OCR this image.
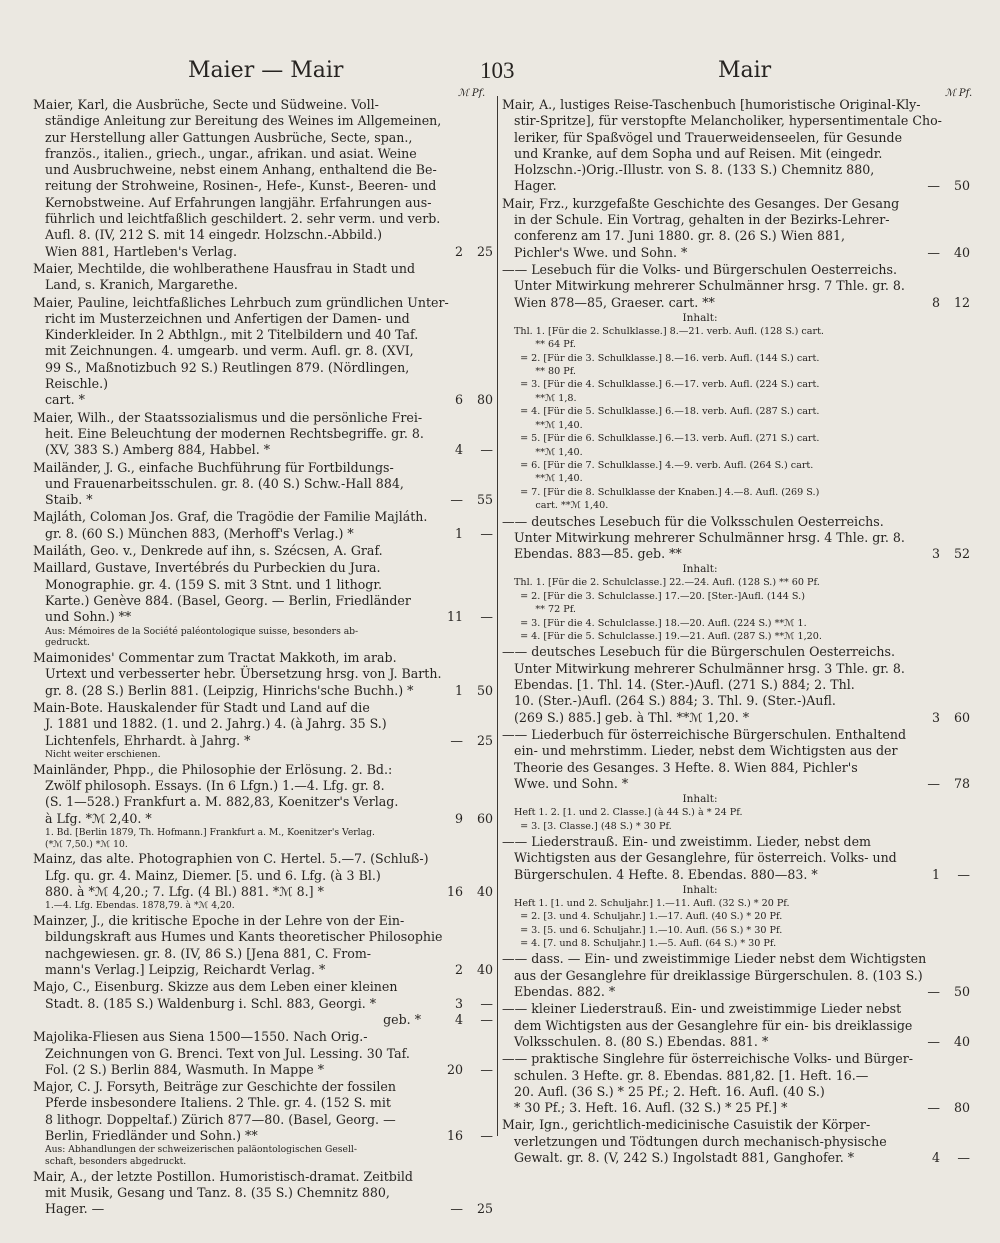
Maier — Mair	103	Mair
ℳ Pf.	ℳ Pf.
Maier, Karl, die Ausbrüche, Secte und Südweine. Voll-
ständige Anleitung zur Bereitung des Weines im Allgemeinen,
zur Herstellung aller Gattungen Ausbrüche, Secte, span.,
französ., italien., griech., ungar., afrikan. und asiat. Weine
und Ausbruchweine, nebst einem Anhang, enthaltend die Be-
reitung der Strohweine, Rosinen-, Hefe-, Kunst-, Beeren- und
Kernobstweine. Auf Erfahrungen langjähr. Erfahrungen aus-
führlich und leichtfaßlich geschildert. 2. sehr verm. und verb.
Aufl. 8. (IV, 212 S. mit 14 eingedr. Holzschn.-Abbild.)
Wien 881, Hartleben's Verlag.	2 25
Maier, Mechtilde, die wohlberathene Hausfrau in Stadt und
Land, s. Kranich, Margarethe.
Maier, Pauline, leichtfaßliches Lehrbuch zum gründlichen Unter-
richt im Musterzeichnen und Anfertigen der Damen- und
Kinderkleider. In 2 Abthlgn., mit 2 Titelbildern und 40 Taf.
mit Zeichnungen. 4. umgearb. und verm. Aufl. gr. 8. (XVI,
99 S., Maßnotizbuch 92 S.) Reutlingen 879. (Nördlingen,
Reischle.)
cart. *	6 80
Maier, Wilh., der Staatssozialismus und die persönliche Frei-
heit. Eine Beleuchtung der modernen Rechtsbegriffe. gr. 8.
(XV, 383 S.) Amberg 884, Habbel. *	4 —
Mailänder, J. G., einfache Buchführung für Fortbildungs-
und Frauenarbeitsschulen. gr. 8. (40 S.) Schw.-Hall 884,
Staib. *	— 55
Majláth, Coloman Jos. Graf, die Tragödie der Familie Majláth.
gr. 8. (60 S.) München 883, (Merhoff's Verlag.) *	1 —
Mailáth, Geo. v., Denkrede auf ihn, s. Szécsen, A. Graf.
Maillard, Gustave, Invertébrés du Purbeckien du Jura.
Monographie. gr. 4. (159 S. mit 3 Stnt. und 1 lithogr.
Karte.) Genève 884. (Basel, Georg. — Berlin, Friedländer
und Sohn.) **	11 —
Aus: Mémoires de la Société paléontologique suisse, besonders ab-
gedruckt.
Maimonides' Commentar zum Tractat Makkoth, im arab.
Urtext und verbesserter hebr. Übersetzung hrsg. von J. Barth.
gr. 8. (28 S.) Berlin 881. (Leipzig, Hinrichs'sche Buchh.) *	1 50
Main-Bote. Hauskalender für Stadt und Land auf die
J. 1881 und 1882. (1. und 2. Jahrg.) 4. (à Jahrg. 35 S.)
Lichtenfels, Ehrhardt. à Jahrg. *	— 25
Nicht weiter erschienen.
Mainländer, Phpp., die Philosophie der Erlösung. 2. Bd.:
Zwölf philosoph. Essays. (In 6 Lfgn.) 1.—4. Lfg. gr. 8.
(S. 1—528.) Frankfurt a. M. 882,83, Koenitzer's Verlag.
à Lfg. *ℳ 2,40. *	9 60
1. Bd. [Berlin 1879, Th. Hofmann.] Frankfurt a. M., Koenitzer's Verlag.
(*ℳ 7,50.) *ℳ 10.
Mainz, das alte. Photographien von C. Hertel. 5.—7. (Schluß-)
Lfg. qu. gr. 4. Mainz, Diemer. [5. und 6. Lfg. (à 3 Bl.)
880. à *ℳ 4,20.; 7. Lfg. (4 Bl.) 881. *ℳ 8.] *	16 40
1.—4. Lfg. Ebendas. 1878,79. à *ℳ 4,20.
Mainzer, J., die kritische Epoche in der Lehre von der Ein-
bildungskraft aus Humes und Kants theoretischer Philosophie
nachgewiesen. gr. 8. (IV, 86 S.) [Jena 881, C. From-
mann's Verlag.] Leipzig, Reichardt Verlag. *	2 40
Majo, C., Eisenburg. Skizze aus dem Leben einer kleinen
Stadt. 8. (185 S.) Waldenburg i. Schl. 883, Georgi. *	3 —
geb. *	4 —
Majolika-Fliesen aus Siena 1500—1550. Nach Orig.-
Zeichnungen von G. Brenci. Text von Jul. Lessing. 30 Taf.
Fol. (2 S.) Berlin 884, Wasmuth. In Mappe *	20 —
Major, C. J. Forsyth, Beiträge zur Geschichte der fossilen
Pferde insbesondere Italiens. 2 Thle. gr. 4. (152 S. mit
8 lithogr. Doppeltaf.) Zürich 877—80. (Basel, Georg. —
Berlin, Friedländer und Sohn.) **	16 —
Aus: Abhandlungen der schweizerischen paläontologischen Gesell-
schaft, besonders abgedruckt.
Mair, A., der letzte Postillon. Humoristisch-dramat. Zeitbild
mit Musik, Gesang und Tanz. 8. (35 S.) Chemnitz 880,
Hager. —	— 25
Mair, A., lustiges Reise-Taschenbuch [humoristische Original-Kly-
stir-Spritze], für verstopfte Melancholiker, hypersentimentale Cho-
leriker, für Spaßvögel und Trauerweidenseelen, für Gesunde
und Kranke, auf dem Sopha und auf Reisen. Mit (eingedr.
Holzschn.-)Orig.-Illustr. von S. 8. (133 S.) Chemnitz 880,
Hager.	— 50
Mair, Frz., kurzgefaßte Geschichte des Gesanges. Der Gesang
in der Schule. Ein Vortrag, gehalten in der Bezirks-Lehrer-
conferenz am 17. Juni 1880. gr. 8. (26 S.) Wien 881,
Pichler's Wwe. und Sohn. *	— 40
—— Lesebuch für die Volks- und Bürgerschulen Oesterreichs.
Unter Mitwirkung mehrerer Schulmänner hrsg. 7 Thle. gr. 8.
Wien 878—85, Graeser. cart. **	8 12
Inhalt:
Thl. 1. [Für die 2. Schulklasse.] 8.—21. verb. Aufl. (128 S.) cart.
** 64 Pf.
= 2. [Für die 3. Schulklasse.] 8.—16. verb. Aufl. (144 S.) cart.
** 80 Pf.
= 3. [Für die 4. Schulklasse.] 6.—17. verb. Aufl. (224 S.) cart.
**ℳ 1,8.
= 4. [Für die 5. Schulklasse.] 6.—18. verb. Aufl. (287 S.) cart.
**ℳ 1,40.
= 5. [Für die 6. Schulklasse.] 6.—13. verb. Aufl. (271 S.) cart.
**ℳ 1,40.
= 6. [Für die 7. Schulklasse.] 4.—9. verb. Aufl. (264 S.) cart.
**ℳ 1,40.
= 7. [Für die 8. Schulklasse der Knaben.] 4.—8. Aufl. (269 S.)
cart. **ℳ 1,40.
—— deutsches Lesebuch für die Volksschulen Oesterreichs.
Unter Mitwirkung mehrerer Schulmänner hrsg. 4 Thle. gr. 8.
Ebendas. 883—85. geb. **	3 52
Inhalt:
Thl. 1. [Für die 2. Schulclasse.] 22.—24. Aufl. (128 S.) ** 60 Pf.
= 2. [Für die 3. Schulclasse.] 17.—20. [Ster.-]Aufl. (144 S.)
** 72 Pf.
= 3. [Für die 4. Schulclasse.] 18.—20. Aufl. (224 S.) **ℳ 1.
= 4. [Für die 5. Schulclasse.] 19.—21. Aufl. (287 S.) **ℳ 1,20.
—— deutsches Lesebuch für die Bürgerschulen Oesterreichs.
Unter Mitwirkung mehrerer Schulmänner hrsg. 3 Thle. gr. 8.
Ebendas. [1. Thl. 14. (Ster.-)Aufl. (271 S.) 884; 2. Thl.
10. (Ster.-)Aufl. (264 S.) 884; 3. Thl. 9. (Ster.-)Aufl.
(269 S.) 885.] geb. à Thl. **ℳ 1,20. *	3 60
—— Liederbuch für österreichische Bürgerschulen. Enthaltend
ein- und mehrstimm. Lieder, nebst dem Wichtigsten aus der
Theorie des Gesanges. 3 Hefte. 8. Wien 884, Pichler's
Wwe. und Sohn. *	— 78
Inhalt:
Heft 1. 2. [1. und 2. Classe.] (à 44 S.) à * 24 Pf.
= 3. [3. Classe.] (48 S.) * 30 Pf.
—— Liederstrauß. Ein- und zweistimm. Lieder, nebst dem
Wichtigsten aus der Gesanglehre, für österreich. Volks- und
Bürgerschulen. 4 Hefte. 8. Ebendas. 880—83. *	1 —
Inhalt:
Heft 1. [1. und 2. Schuljahr.] 1.—11. Aufl. (32 S.) * 20 Pf.
= 2. [3. und 4. Schuljahr.] 1.—17. Aufl. (40 S.) * 20 Pf.
= 3. [5. und 6. Schuljahr.] 1.—10. Aufl. (56 S.) * 30 Pf.
= 4. [7. und 8. Schuljahr.] 1.—5. Aufl. (64 S.) * 30 Pf.
—— dass. — Ein- und zweistimmige Lieder nebst dem Wichtigsten
aus der Gesanglehre für dreiklassige Bürgerschulen. 8. (103 S.)
Ebendas. 882. *	— 50
—— kleiner Liederstrauß. Ein- und zweistimmige Lieder nebst
dem Wichtigsten aus der Gesanglehre für ein- bis dreiklassige
Volksschulen. 8. (80 S.) Ebendas. 881. *	— 40
—— praktische Singlehre für österreichische Volks- und Bürger-
schulen. 3 Hefte. gr. 8. Ebendas. 881,82. [1. Heft. 16.—
20. Aufl. (36 S.) * 25 Pf.; 2. Heft. 16. Aufl. (40 S.)
* 30 Pf.; 3. Heft. 16. Aufl. (32 S.) * 25 Pf.] *	— 80
Mair, Ign., gerichtlich-medicinische Casuistik der Körper-
verletzungen und Tödtungen durch mechanisch-physische
Gewalt. gr. 8. (V, 242 S.) Ingolstadt 881, Ganghofer. *	4 —
